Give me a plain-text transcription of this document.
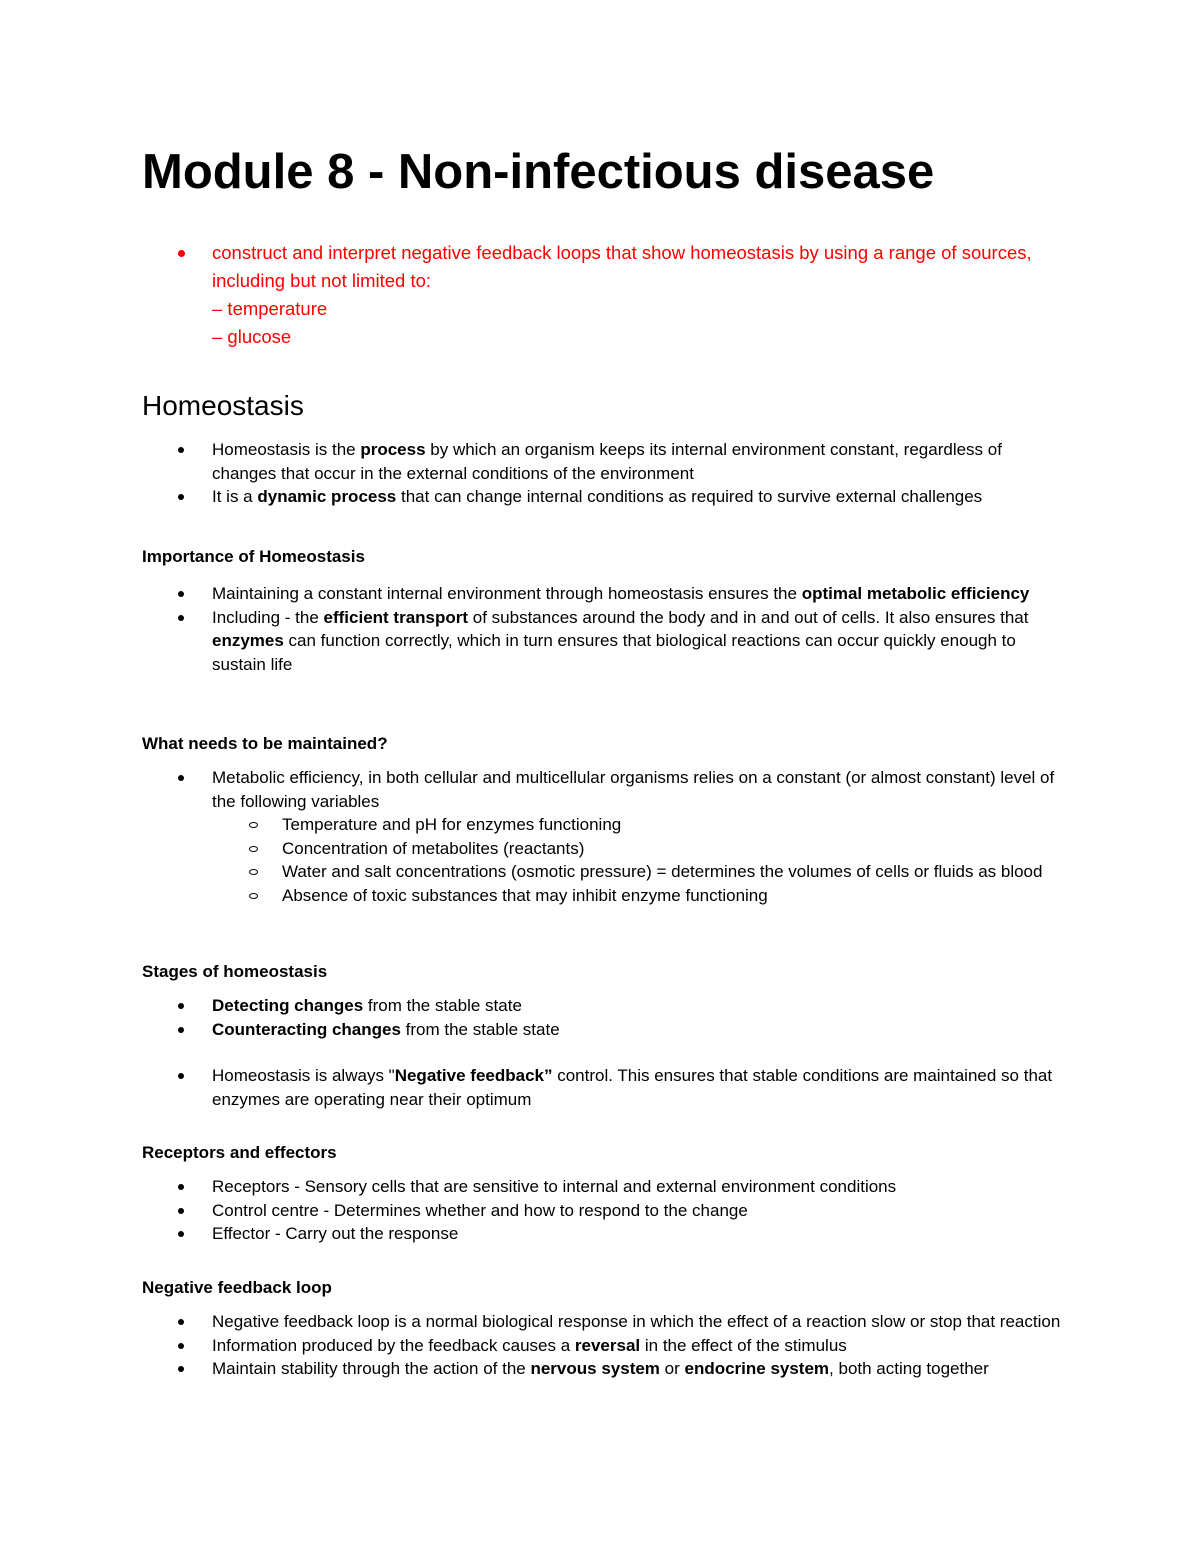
Module 8 - Non-infectious disease
construct and interpret negative feedback loops that show homeostasis by using a range of sources, including but not limited to:
– temperature
– glucose
Homeostasis
Homeostasis is the process by which an organism keeps its internal environment constant, regardless of changes that occur in the external conditions of the environment
It is a dynamic process that can change internal conditions as required to survive external challenges
Importance of Homeostasis
Maintaining a constant internal environment through homeostasis ensures the optimal metabolic efficiency
Including - the efficient transport of substances around the body and in and out of cells. It also ensures that enzymes can function correctly, which in turn ensures that biological reactions can occur quickly enough to sustain life
What needs to be maintained?
Metabolic efficiency, in both cellular and multicellular organisms relies on a constant (or almost constant) level of the following variables
Temperature and pH for enzymes functioning
Concentration of metabolites (reactants)
Water and salt concentrations (osmotic pressure) = determines the volumes of cells or fluids as blood
Absence of toxic substances that may inhibit enzyme functioning
Stages of homeostasis
Detecting changes from the stable state
Counteracting changes from the stable state
Homeostasis is always "Negative feedback” control. This ensures that stable conditions are maintained so that enzymes are operating near their optimum
Receptors and effectors
Receptors - Sensory cells that are sensitive to internal and external environment conditions
Control centre - Determines whether and how to respond to the change
Effector - Carry out the response
Negative feedback loop
Negative feedback loop is a normal biological response in which the effect of a reaction slow or stop that reaction
Information produced by the feedback causes a reversal in the effect of the stimulus
Maintain stability through the action of the nervous system or endocrine system, both acting together
